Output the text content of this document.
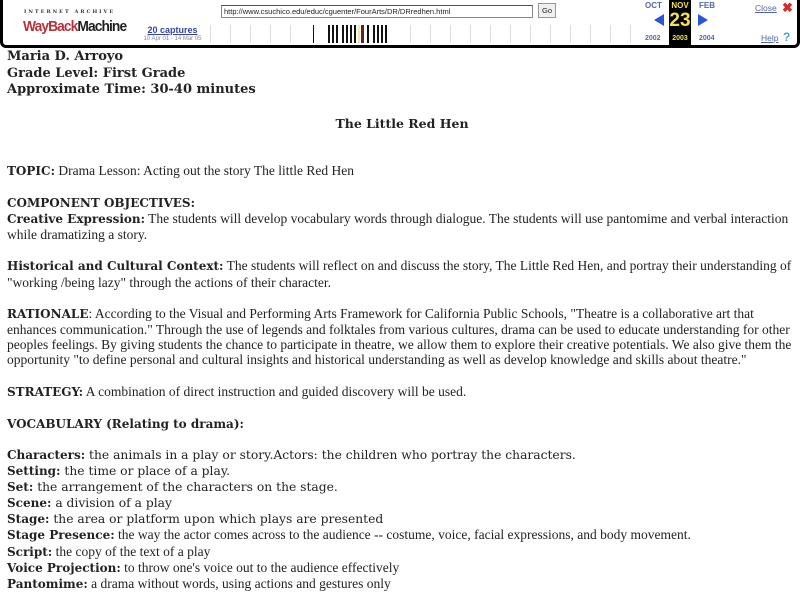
INTERNET ARCHIVE
WayBackMachine	20 captures
10 Apr 01 - 14 Mar 05
http://www.csuchico.edu/educ/cguenter/FourArts/DR/DRredhen.html	Go
OCT
2002
NOV
23
2003
FEB
2004
Close ✖
Help ?
Maria D. Arroyo
Grade Level: First Grade
Approximate Time: 30-40 minutes
The Little Red Hen

TOPIC: Drama Lesson: Acting out the story The little Red Hen

COMPONENT OBJECTIVES:

Creative Expression: The students will develop vocabulary words through dialogue. The students will use pantomime and verbal interaction while dramatizing a story.

Historical and Cultural Context: The students will reflect on and discuss the story, The Little Red Hen, and portray their understanding of "working /being lazy" through the actions of their character.

RATIONALE: According to the Visual and Performing Arts Framework for California Public Schools, "Theatre is a collaborative art that enhances communication." Through the use of legends and folktales from various cultures, drama can be used to educate understanding for other peoples feelings. By giving students the chance to participate in theatre, we allow them to explore their creative potentials. We also give them the opportunity "to define personal and cultural insights and historical understanding as well as develop knowledge and skills about theatre."

STRATEGY: A combination of direct instruction and guided discovery will be used.

VOCABULARY (Relating to drama):

Characters: the animals in a play or story.Actors: the children who portray the characters.

Setting: the time or place of a play.

Set: the arrangement of the characters on the stage.

Scene: a division of a play

Stage: the area or platform upon which plays are presented

Stage Presence: the way the actor comes across to the audience -- costume, voice, facial expressions, and body movement.

Script: the copy of the text of a play

Voice Projection: to throw one's voice out to the audience effectively

Pantomime: a drama without words, using actions and gestures only
